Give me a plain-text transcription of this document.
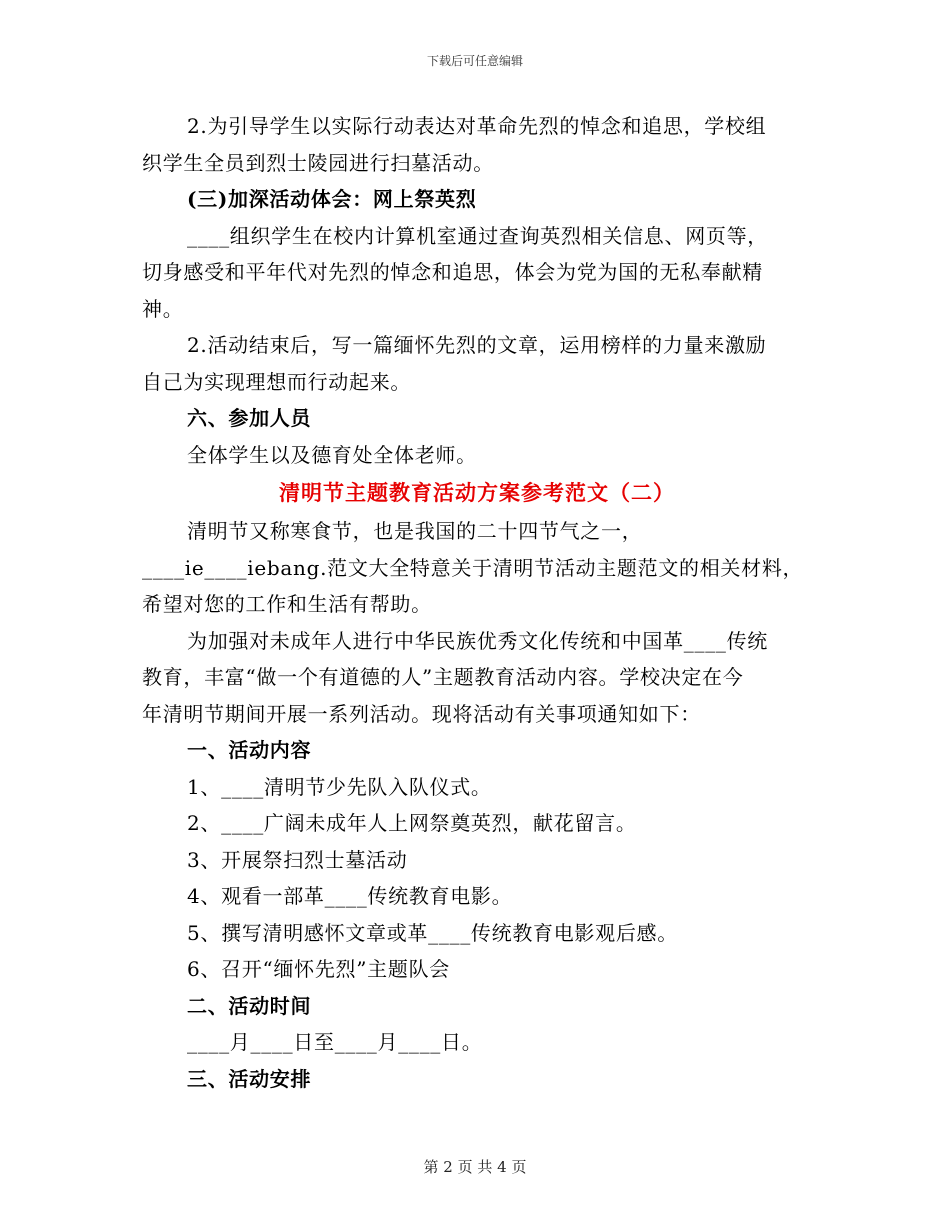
下载后可任意编辑

2.为引导学生以实际行动表达对革命先烈的悼念和追思，学校组

织学生全员到烈士陵园进行扫墓活动。

(三)加深活动体会：网上祭英烈

____组织学生在校内计算机室通过查询英烈相关信息、网页等，

切身感受和平年代对先烈的悼念和追思，体会为党为国的无私奉献精

神。

2.活动结束后，写一篇缅怀先烈的文章，运用榜样的力量来激励

自己为实现理想而行动起来。

六、参加人员

全体学生以及德育处全体老师。

清明节主题教育活动方案参考范文（二）

清明节又称寒食节，也是我国的二十四节气之一，

____ie____iebang.范文大全特意关于清明节活动主题范文的相关材料，

希望对您的工作和生活有帮助。

为加强对未成年人进行中华民族优秀文化传统和中国革____传统

教育，丰富“做一个有道德的人”主题教育活动内容。学校决定在今

年清明节期间开展一系列活动。现将活动有关事项通知如下：

一、活动内容

1、____清明节少先队入队仪式。

2、____广阔未成年人上网祭奠英烈，献花留言。

3、开展祭扫烈士墓活动

4、观看一部革____传统教育电影。

5、撰写清明感怀文章或革____传统教育电影观后感。

6、召开“缅怀先烈”主题队会

二、活动时间

____月____日至____月____日。

三、活动安排

第 2 页 共 4 页
